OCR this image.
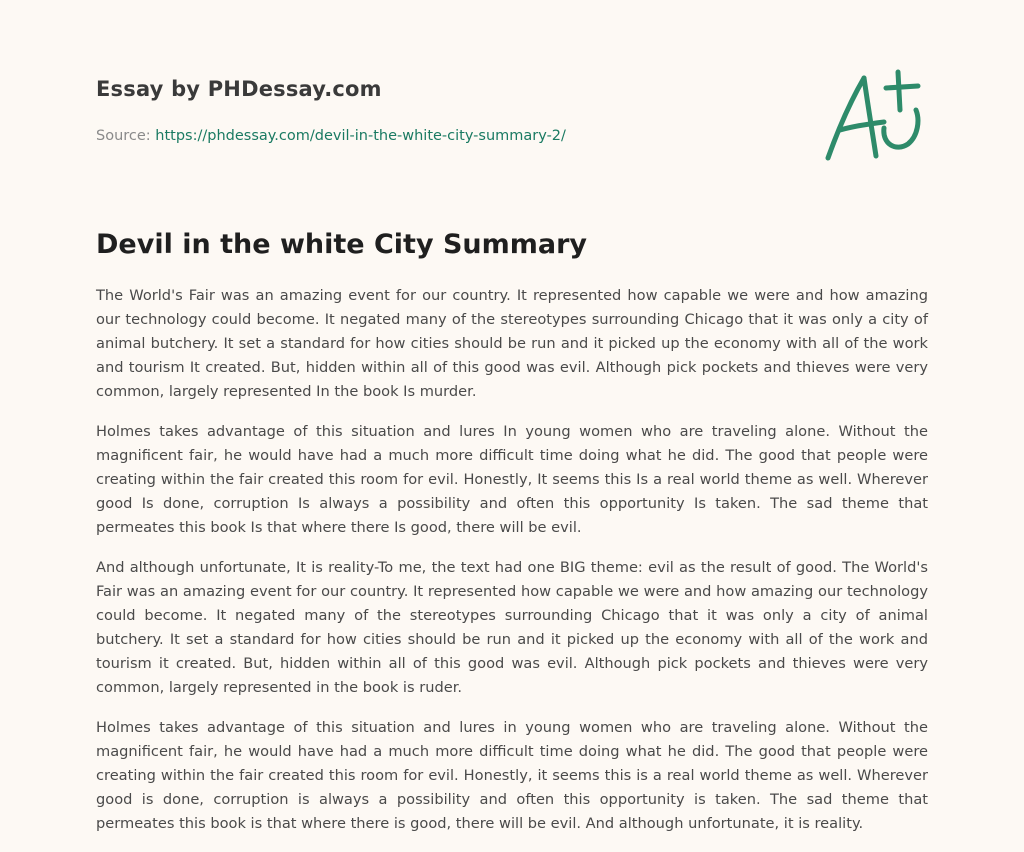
Essay by PHDessay.com
Source: https://phdessay.com/devil-in-the-white-city-summary-2/
Devil in the white City Summary

The World's Fair was an amazing event for our country. It represented how capable we were and how amazing our technology could become. It negated many of the stereotypes surrounding Chicago that it was only a city of animal butchery. It set a standard for how cities should be run and it picked up the economy with all of the work and tourism It created. But, hidden within all of this good was evil. Although pick pockets and thieves were very common, largely represented In the book Is murder.

Holmes takes advantage of this situation and lures In young women who are traveling alone. Without the magnificent fair, he would have had a much more difficult time doing what he did. The good that people were creating within the fair created this room for evil. Honestly, It seems this Is a real world theme as well. Wherever good Is done, corruption Is always a possibility and often this opportunity Is taken. The sad theme that permeates this book Is that where there Is good, there will be evil.

And although unfortunate, It is reality-To me, the text had one BIG theme: evil as the result of good. The World's Fair was an amazing event for our country. It represented how capable we were and how amazing our technology could become. It negated many of the stereotypes surrounding Chicago that it was only a city of animal butchery. It set a standard for how cities should be run and it picked up the economy with all of the work and tourism it created. But, hidden within all of this good was evil. Although pick pockets and thieves were very common, largely represented in the book is ruder.

Holmes takes advantage of this situation and lures in young women who are traveling alone. Without the magnificent fair, he would have had a much more difficult time doing what he did. The good that people were creating within the fair created this room for evil. Honestly, it seems this is a real world theme as well. Wherever good is done, corruption is always a possibility and often this opportunity is taken. The sad theme that permeates this book is that where there is good, there will be evil. And although unfortunate, it is reality.
